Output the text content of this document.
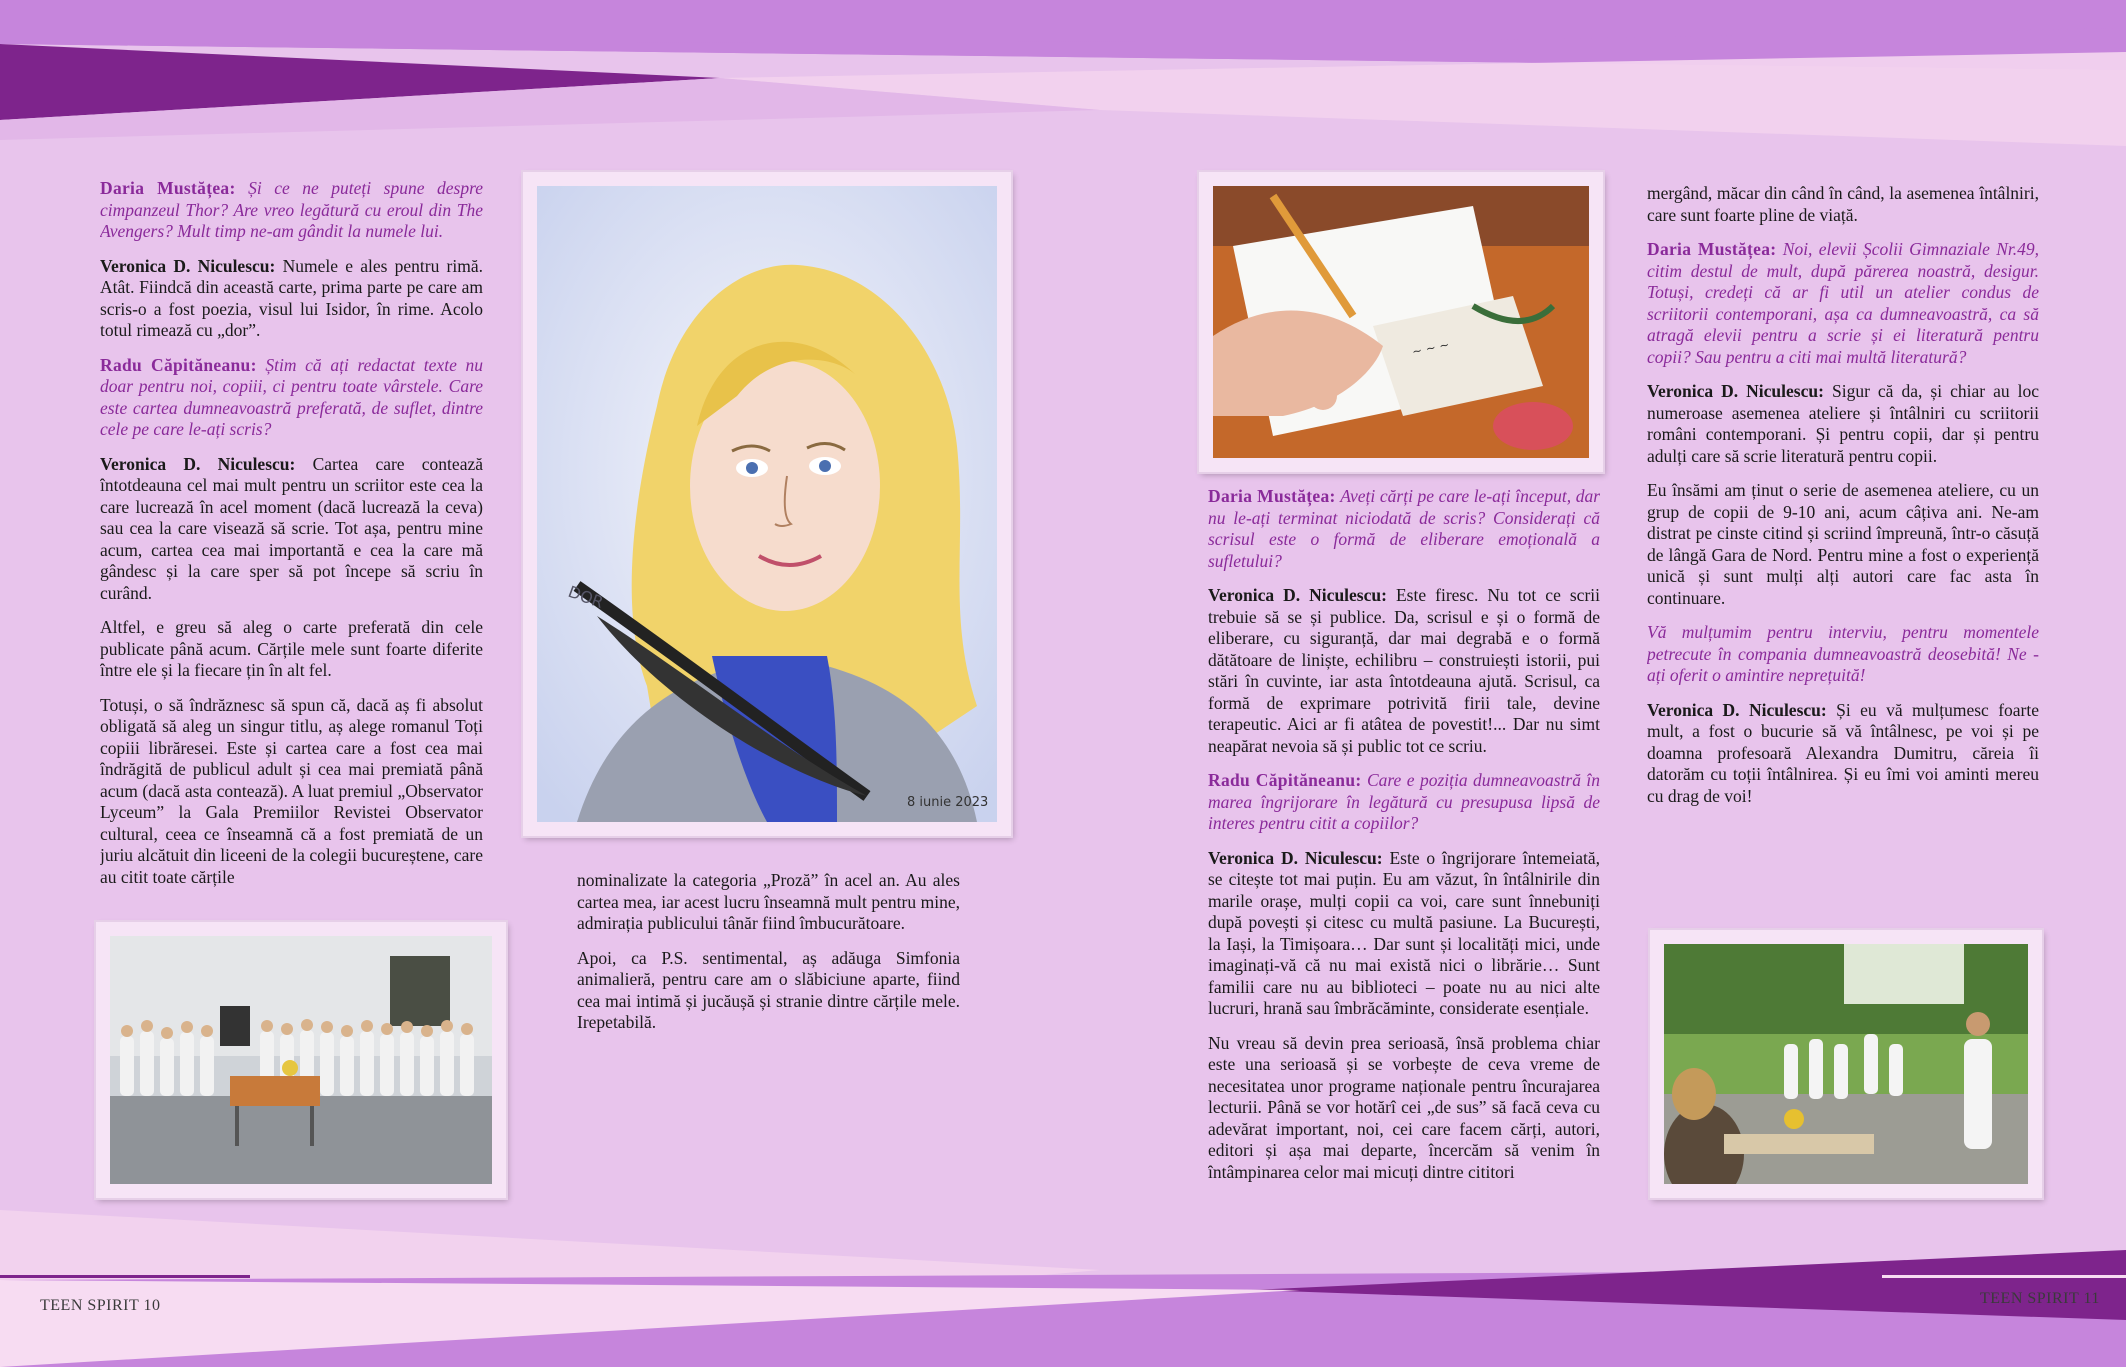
Daria Mustățea: Și ce ne puteți spune despre cimpanzeul Thor? Are vreo legătură cu eroul din The Avengers? Mult timp ne-am gândit la numele lui.

Veronica D. Niculescu: Numele e ales pentru rimă. Atât. Fiindcă din această carte, prima parte pe care am scris-o a fost poezia, visul lui Isidor, în rime. Acolo totul rimează cu „dor”.

Radu Căpităneanu: Știm că ați redactat texte nu doar pentru noi, copiii, ci pentru toate vârstele. Care este cartea dumneavoastră preferată, de suflet, dintre cele pe care le-ați scris?

Veronica D. Niculescu: Cartea care contează întotdeauna cel mai mult pentru un scriitor este cea la care lucrează în acel moment (dacă lucrează la ceva) sau cea la care visează să scrie. Tot așa, pentru mine acum, cartea cea mai importantă e cea la care mă gândesc și la care sper să pot începe să scriu în curând.

Altfel, e greu să aleg o carte preferată din cele publicate până acum. Cărțile mele sunt foarte diferite între ele și la fiecare țin în alt fel.

Totuși, o să îndrăznesc să spun că, dacă aș fi absolut obligată să aleg un singur titlu, aș alege romanul Toți copiii librăresei. Este și cartea care a fost cea mai îndrăgită de publicul adult și cea mai premiată până acum (dacă asta contează). A luat premiul „Observator Lyceum” la Gala Premiilor Revistei Observator cultural, ceea ce înseamnă că a fost premiată de un juriu alcătuit din liceeni de la colegii bucureștene, care au citit toate cărțile

DOR
8 iunie 2023

nominalizate la categoria „Proză” în acel an. Au ales cartea mea, iar acest lucru înseamnă mult pentru mine, admirația publicului tânăr fiind îmbucurătoare.

Apoi, ca P.S. sentimental, aș adăuga Simfonia animalieră, pentru care am o slăbiciune aparte, fiind cea mai intimă și jucăușă și stranie dintre cărțile mele. Irepetabilă.

~ ~ ~

Daria Mustățea: Aveți cărți pe care le-ați început, dar nu le-ați terminat niciodată de scris? Considerați că scrisul este o formă de eliberare emoțională a sufletului?

Veronica D. Niculescu: Este firesc. Nu tot ce scrii trebuie să se și publice. Da, scrisul e și o formă de eliberare, cu siguranță, dar mai degrabă e o formă dătătoare de liniște, echilibru – construiești istorii, pui stări în cuvinte, iar asta întotdeauna ajută. Scrisul, ca formă de exprimare potrivită firii tale, devine terapeutic. Aici ar fi atâtea de povestit!... Dar nu simt neapărat nevoia să și public tot ce scriu.

Radu Căpităneanu: Care e poziția dumneavoastră în marea îngrijorare în legătură cu presupusa lipsă de interes pentru citit a copiilor?

Veronica D. Niculescu: Este o îngrijorare întemeiată, se citește tot mai puțin. Eu am văzut, în întâlnirile din marile orașe, mulți copii ca voi, care sunt înnebuniți după povești și citesc cu multă pasiune. La București, la Iași, la Timișoara… Dar sunt și localități mici, unde imaginați-vă că nu mai există nici o librărie… Sunt familii care nu au biblioteci – poate nu au nici alte lucruri, hrană sau îmbrăcăminte, considerate esențiale.

Nu vreau să devin prea serioasă, însă problema chiar este una serioasă și se vorbește de ceva vreme de necesitatea unor programe naționale pentru încurajarea lecturii. Până se vor hotărî cei „de sus” să facă ceva cu adevărat important, noi, cei care facem cărți, autori, editori și așa mai departe, încercăm să venim în întâmpinarea celor mai micuți dintre cititori

mergând, măcar din când în când, la asemenea întâlniri, care sunt foarte pline de viață.

Daria Mustățea: Noi, elevii Școlii Gimnaziale Nr.49, citim destul de mult, după părerea noastră, desigur. Totuși, credeți că ar fi util un atelier condus de scriitorii contemporani, așa ca dumneavoastră, ca să atragă elevii pentru a scrie și ei literatură pentru copii? Sau pentru a citi mai multă literatură?

Veronica D. Niculescu: Sigur că da, și chiar au loc numeroase asemenea ateliere și întâlniri cu scriitorii români contemporani. Și pentru copii, dar și pentru adulți care să scrie literatură pentru copii.

Eu însămi am ținut o serie de asemenea ateliere, cu un grup de copii de 9-10 ani, acum câțiva ani. Ne-am distrat pe cinste citind și scriind împreună, într-o căsuță de lângă Gara de Nord. Pentru mine a fost o experiență unică și sunt mulți alți autori care fac asta în continuare.

Vă mulțumim pentru interviu, pentru momentele petrecute în compania dumneavoastră deosebită! Ne -ați oferit o amintire neprețuită!

Veronica D. Niculescu: Și eu vă mulțumesc foarte mult, a fost o bucurie să vă întâlnesc, pe voi și pe doamna profesoară Alexandra Dumitru, căreia îi datorăm cu toții întâlnirea. Și eu îmi voi aminti mereu cu drag de voi!

TEEN SPIRIT 10	TEEN SPIRIT 11
